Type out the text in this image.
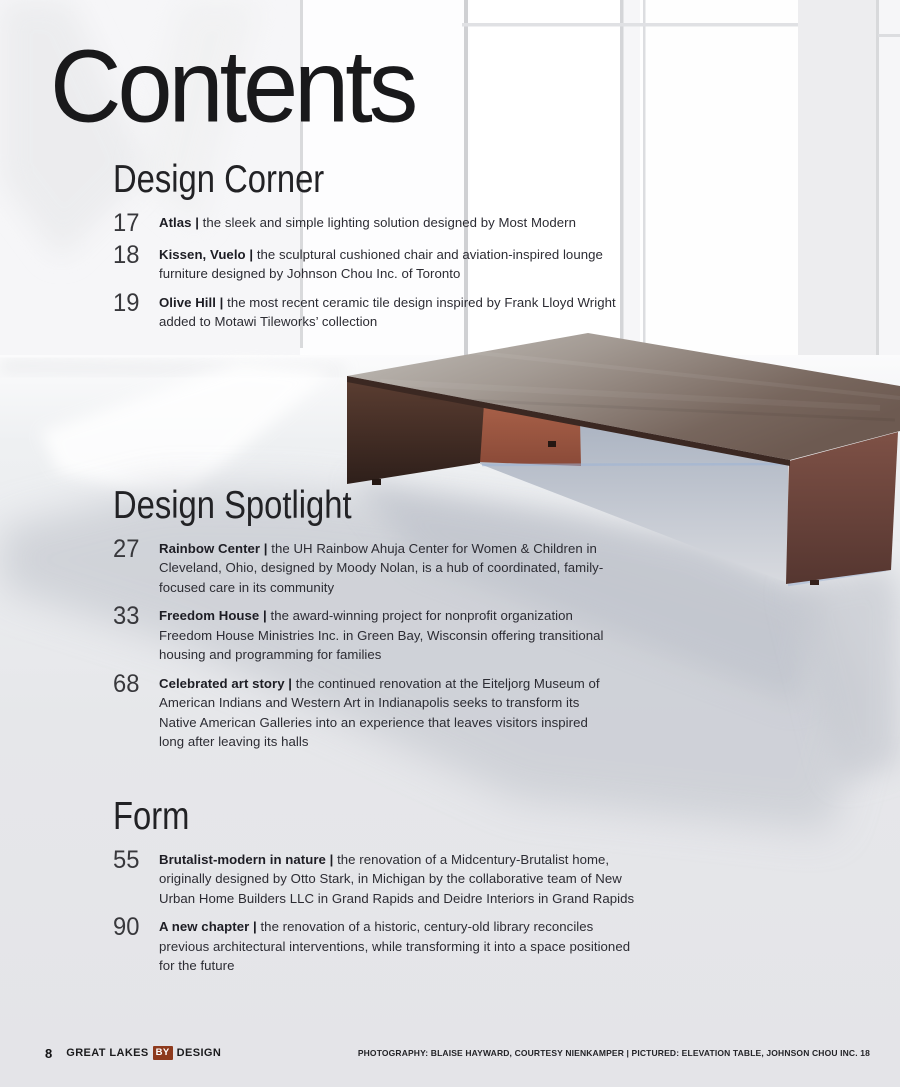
Contents
Design Corner
17	Atlas | the sleek and simple lighting solution designed by Most Modern
18	Kissen, Vuelo | the sculptural cushioned chair and aviation-inspired lounge furniture designed by Johnson Chou Inc. of Toronto
19	Olive Hill | the most recent ceramic tile design inspired by Frank Lloyd Wright added to Motawi Tileworks’ collection
Design Spotlight
27	Rainbow Center | the UH Rainbow Ahuja Center for Women & Children in Cleveland, Ohio, designed by Moody Nolan, is a hub of coordinated, family-focused care in its community
33	Freedom House | the award-winning project for nonprofit organization Freedom House Ministries Inc. in Green Bay, Wisconsin offering transitional housing and programming for families
68	Celebrated art story | the continued renovation at the Eiteljorg Museum of American Indians and Western Art in Indianapolis seeks to transform its Native American Galleries into an experience that leaves visitors inspired long after leaving its halls
Form
55	Brutalist-modern in nature | the renovation of a Midcentury-Brutalist home, originally designed by Otto Stark, in Michigan by the collaborative team of New Urban Home Builders LLC in Grand Rapids and Deidre Interiors in Grand Rapids
90	A new chapter | the renovation of a historic, century-old library reconciles previous architectural interventions, while transforming it into a space positioned for the future
8 GREAT LAKES BY DESIGN	PHOTOGRAPHY: BLAISE HAYWARD, COURTESY NIENKAMPER | PICTURED: ELEVATION TABLE, JOHNSON CHOU INC. 18
